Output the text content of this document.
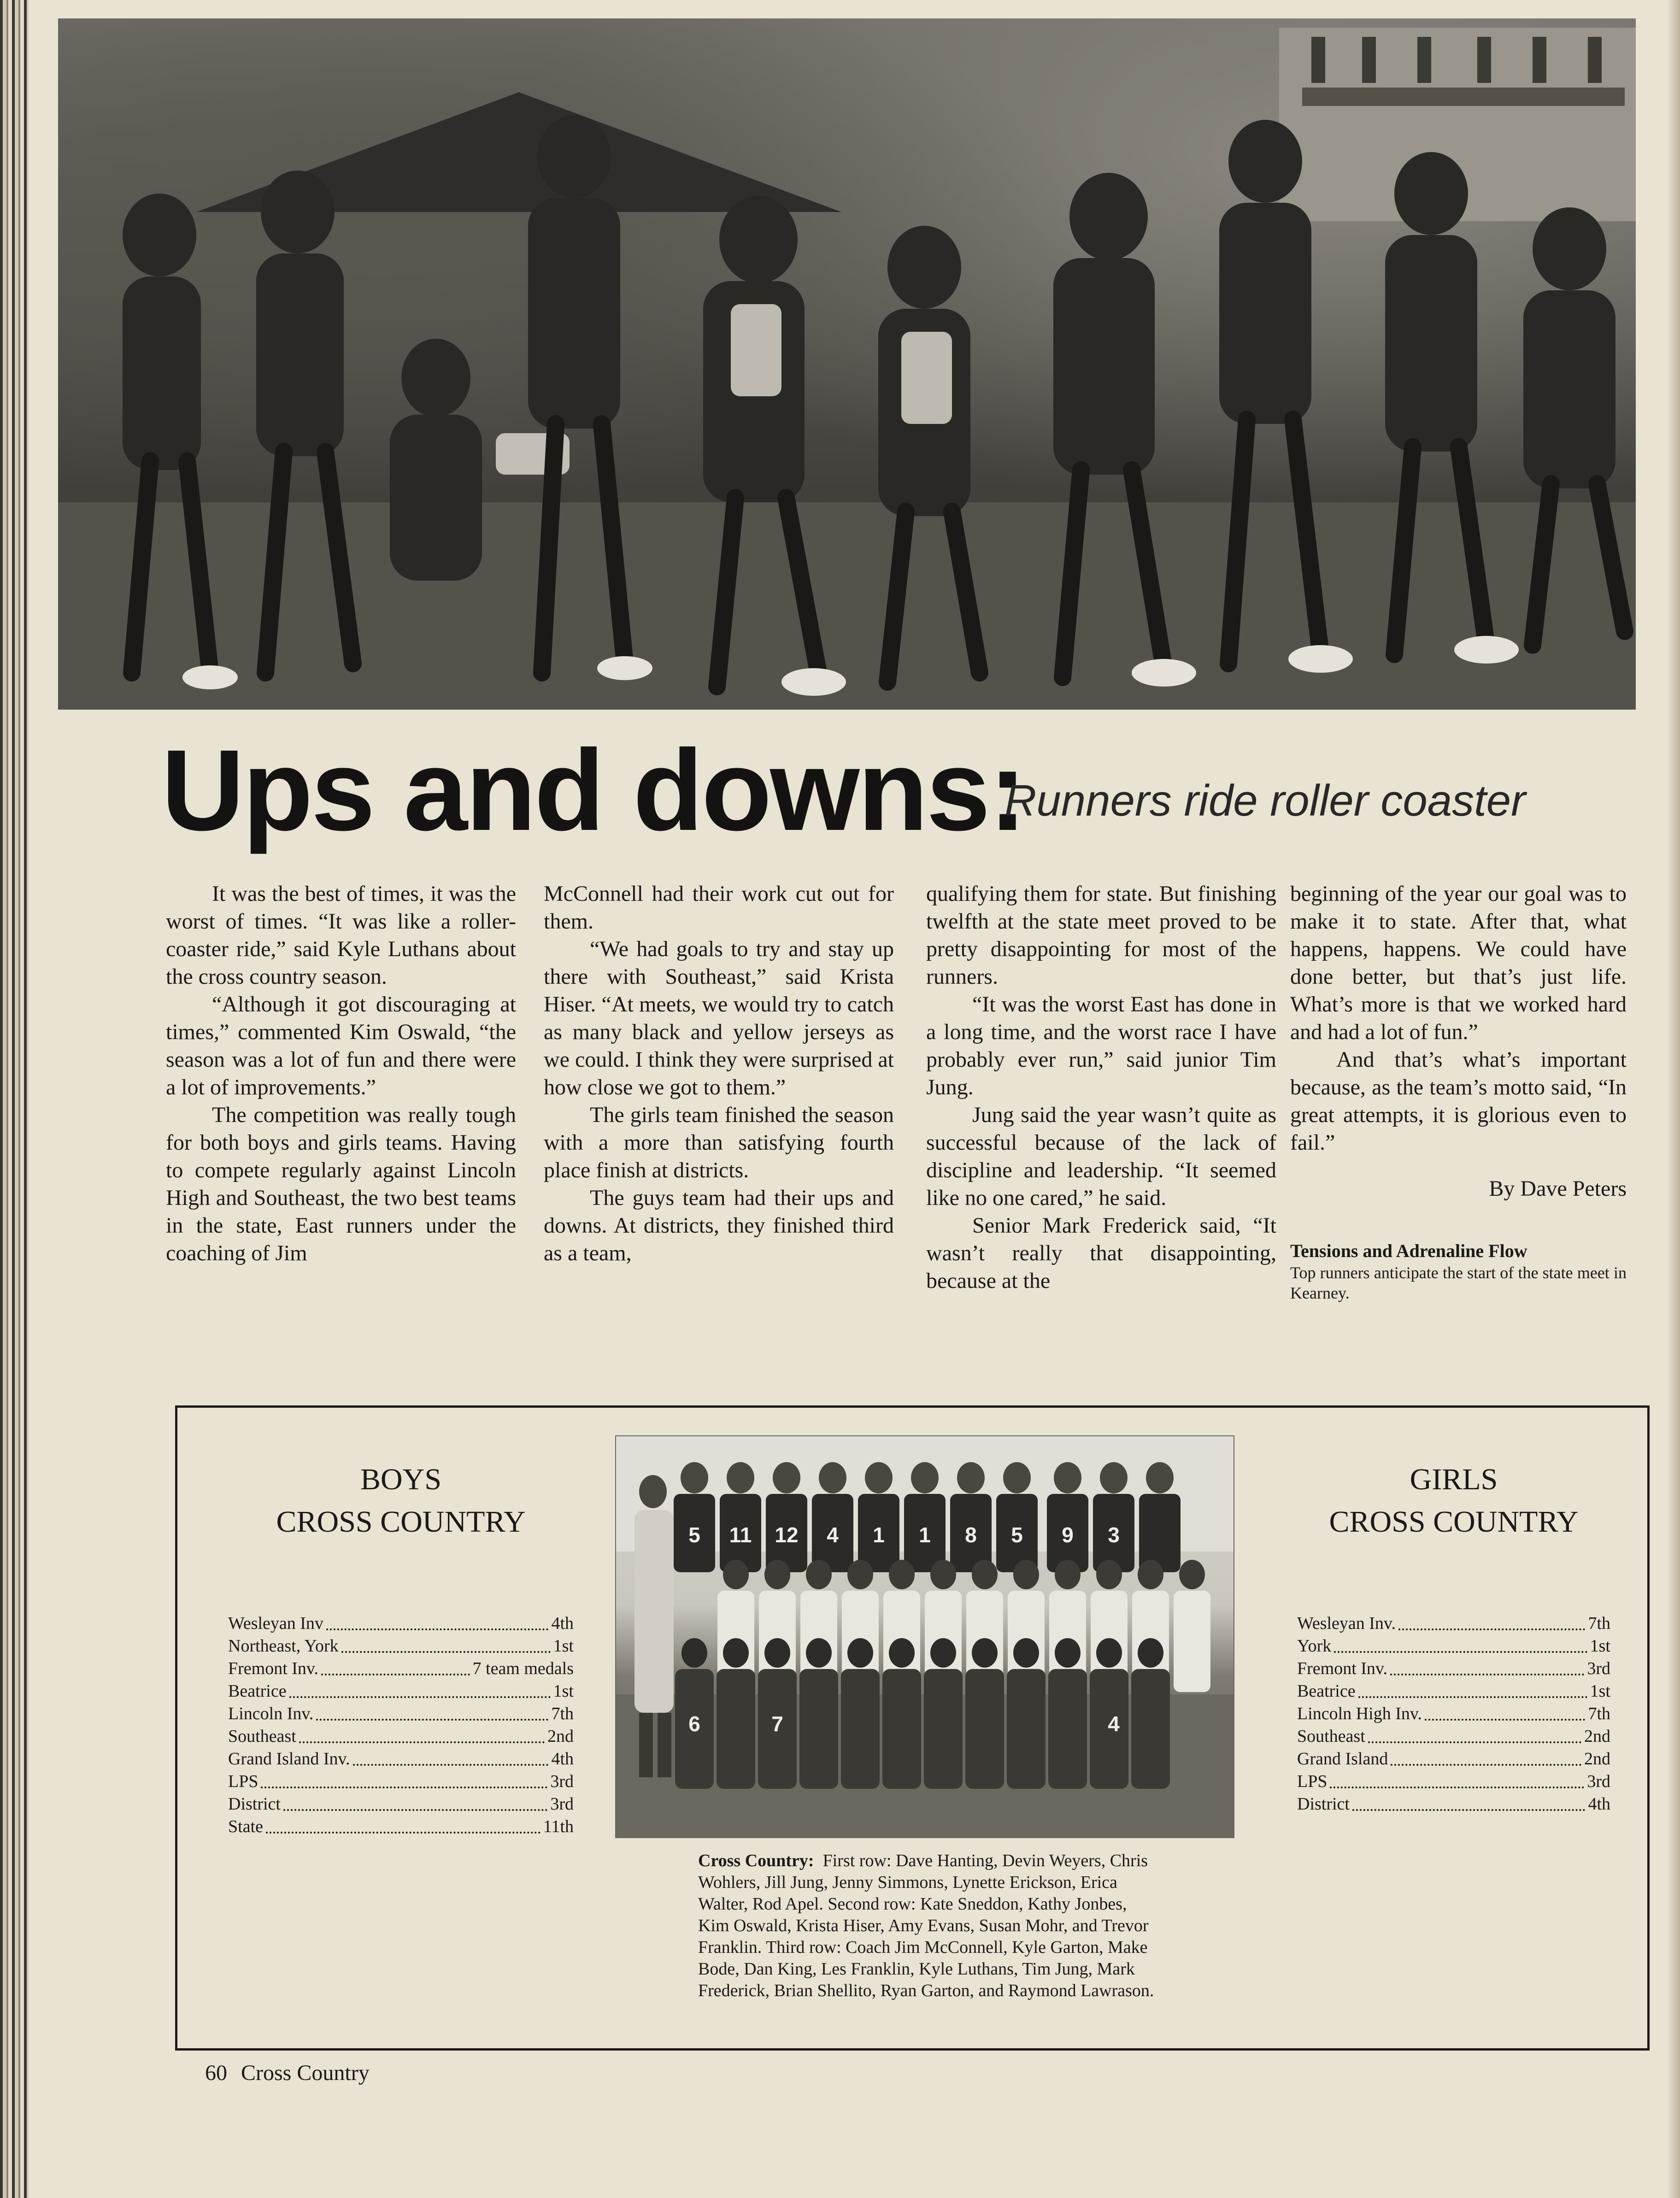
Ups and downs:
Runners ride roller coaster

It was the best of times, it was the worst of times. “It was like a roller-coaster ride,” said Kyle Luthans about the cross country season.

“Although it got discouraging at times,” commented Kim Oswald, “the season was a lot of fun and there were a lot of improvements.”

The competition was really tough for both boys and girls teams. Having to compete regularly against Lincoln High and Southeast, the two best teams in the state, East runners under the coaching of Jim

McConnell had their work cut out for them.

“We had goals to try and stay up there with Southeast,” said Krista Hiser. “At meets, we would try to catch as many black and yellow jerseys as we could. I think they were surprised at how close we got to them.”

The girls team finished the season with a more than satisfying fourth place finish at districts.

The guys team had their ups and downs. At districts, they finished third as a team,

qualifying them for state. But finishing twelfth at the state meet proved to be pretty disappointing for most of the runners.

“It was the worst East has done in a long time, and the worst race I have probably ever run,” said junior Tim Jung.

Jung said the year wasn’t quite as successful because of the lack of discipline and leadership. “It seemed like no one cared,” he said.

Senior Mark Frederick said, “It wasn’t really that disappointing, because at the

beginning of the year our goal was to make it to state. After that, what happens, happens. We could have done better, but that’s just life. What’s more is that we worked hard and had a lot of fun.”

And that’s what’s important because, as the team’s motto said, “In great attempts, it is glorious even to fail.”

By Dave Peters
Tensions and Adrenaline Flow
Top runners anticipate the start of the state meet in Kearney.
BOYS
CROSS COUNTRY
Wesleyan Inv	4th
Northeast, York	1st
Fremont Inv.	7 team medals
Beatrice	1st
Lincoln Inv.	7th
Southeast	2nd
Grand Island Inv.	4th
LPS	3rd
District	3rd
State	11th
5 11 12 4 1 1 8 5 9 3
6	7	4
Cross Country: First row: Dave Hanting, Devin Weyers, Chris Wohlers, Jill Jung, Jenny Simmons, Lynette Erickson, Erica Walter, Rod Apel. Second row: Kate Sneddon, Kathy Jonbes, Kim Oswald, Krista Hiser, Amy Evans, Susan Mohr, and Trevor Franklin. Third row: Coach Jim McConnell, Kyle Garton, Make Bode, Dan King, Les Franklin, Kyle Luthans, Tim Jung, Mark Frederick, Brian Shellito, Ryan Garton, and Raymond Lawrason.
GIRLS
CROSS COUNTRY
Wesleyan Inv.	7th
York	1st
Fremont Inv.	3rd
Beatrice	1st
Lincoln High Inv.	7th
Southeast	2nd
Grand Island	2nd
LPS	3rd
District	4th
60 Cross Country
